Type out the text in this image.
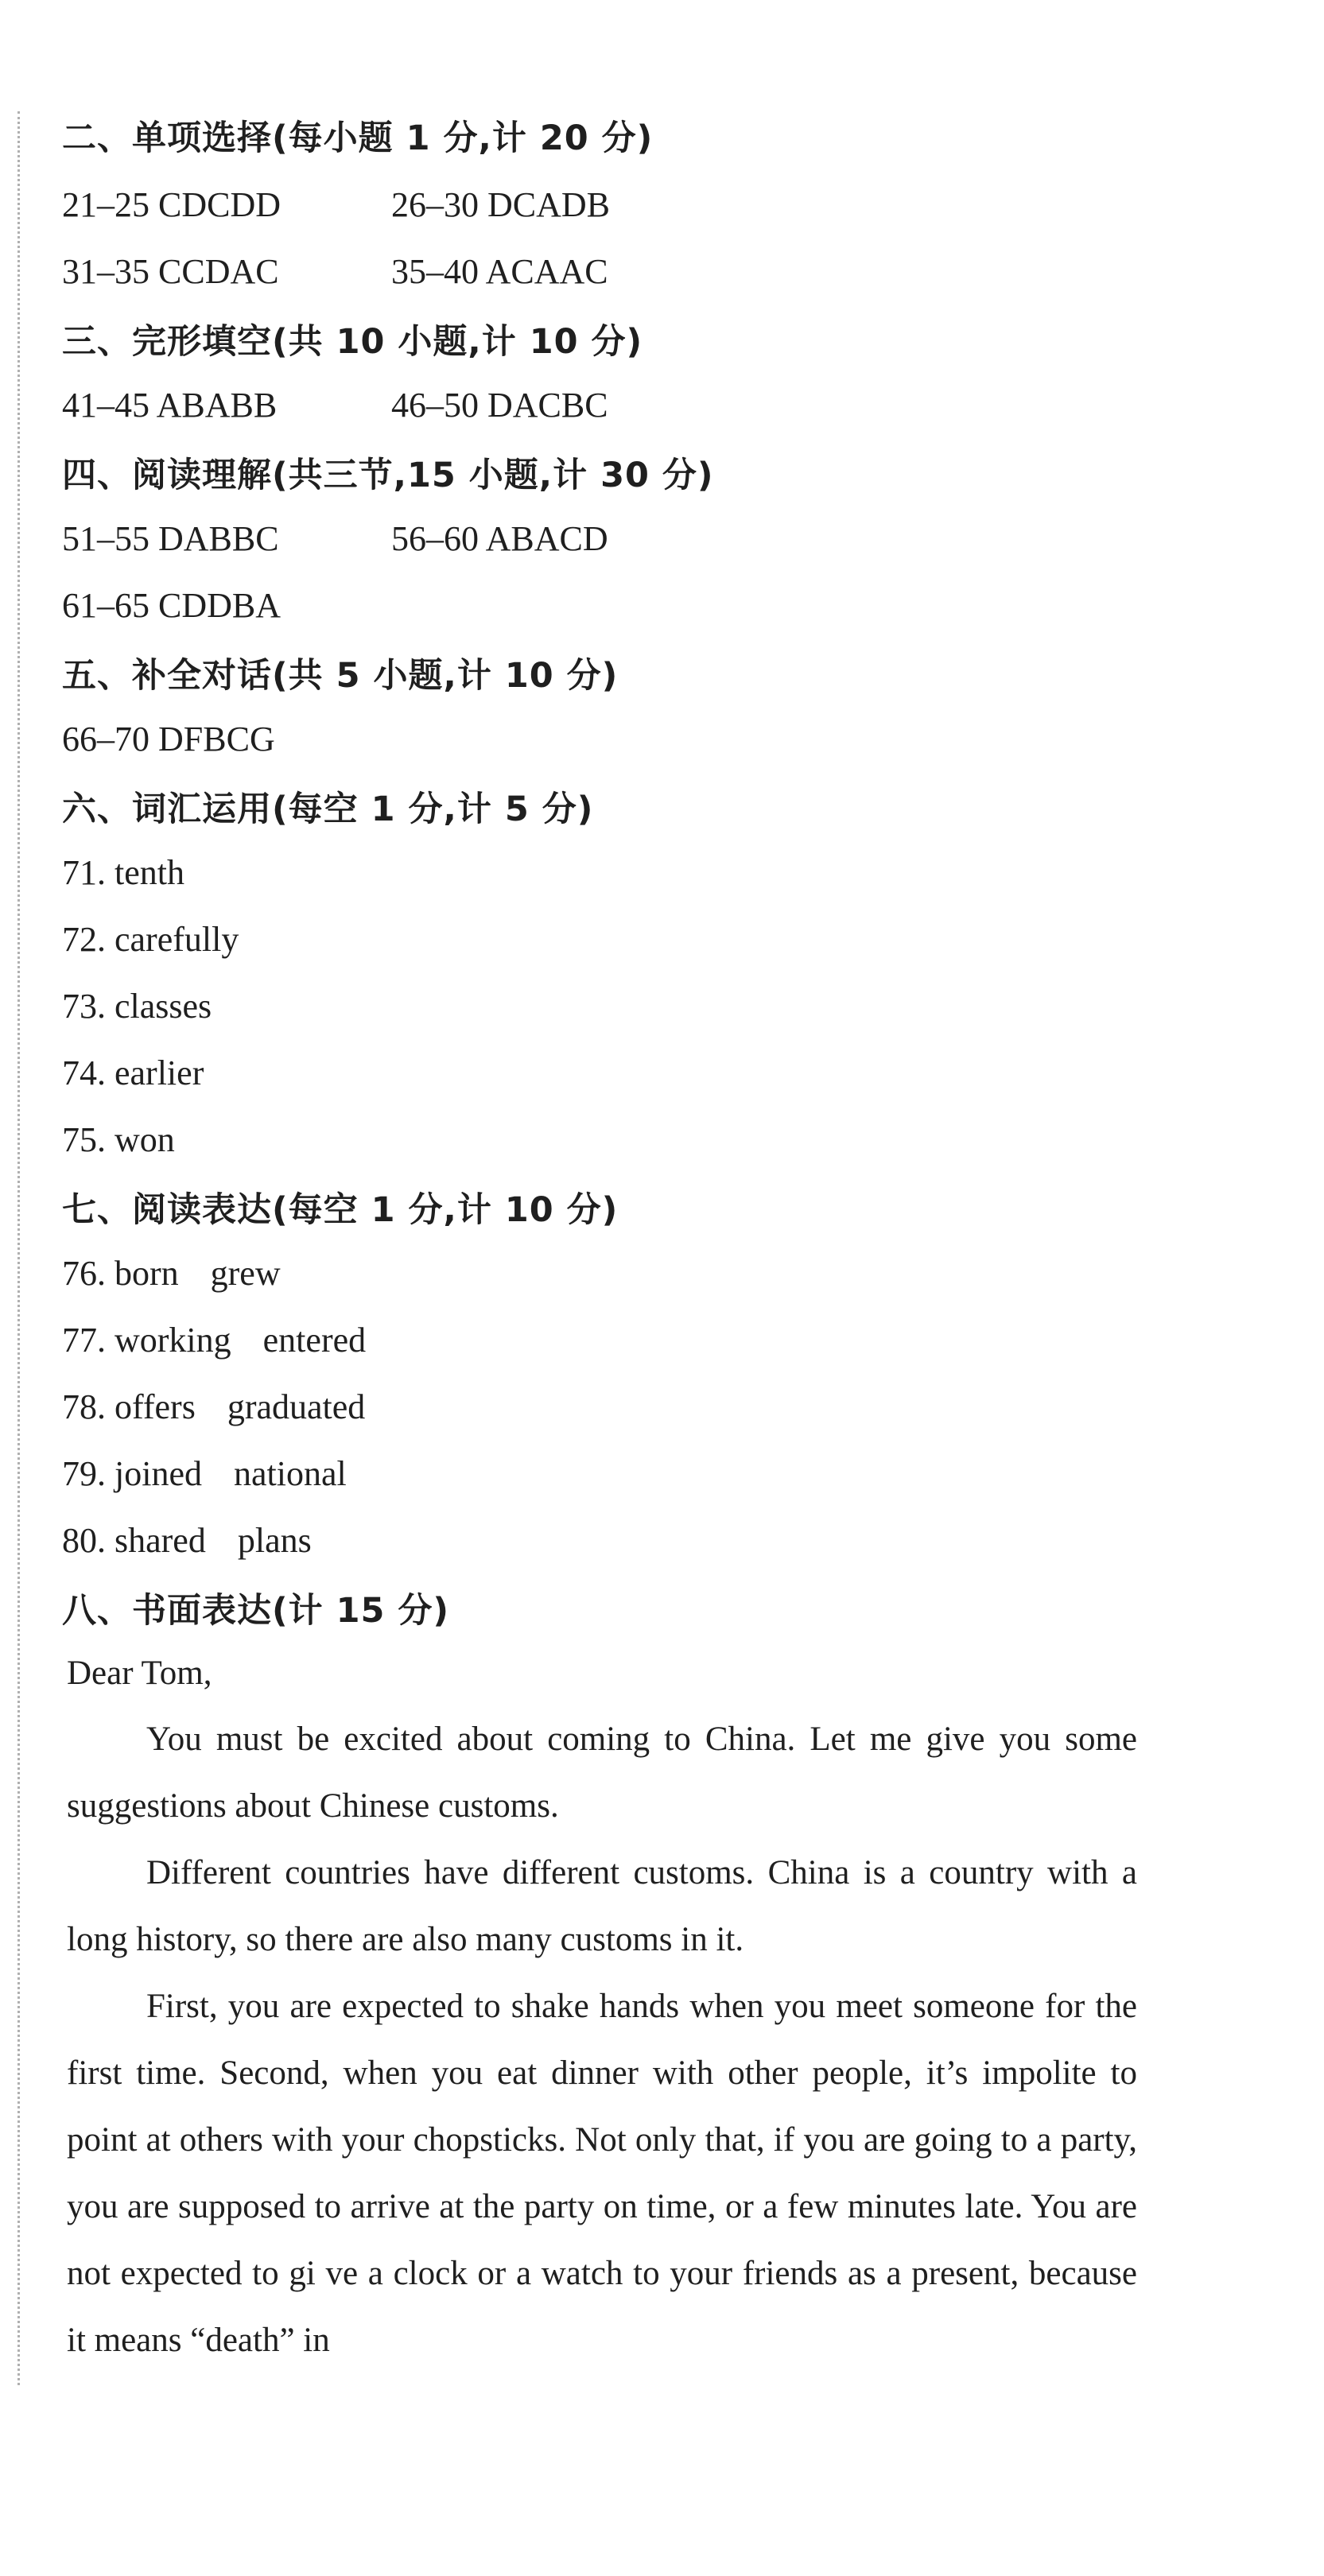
二、单项选择(每小题 1 分,计 20 分)
21–25 CDCDD	26–30 DCADB
31–35 CCDAC	35–40 ACAAC
三、完形填空(共 10 小题,计 10 分)
41–45 ABABB	46–50 DACBC
四、阅读理解(共三节,15 小题,计 30 分)
51–55 DABBC	56–60 ABACD
61–65 CDDBA
五、补全对话(共 5 小题,计 10 分)
66–70 DFBCG
六、词汇运用(每空 1 分,计 5 分)
71. tenth
72. carefully
73. classes
74. earlier
75. won
七、阅读表达(每空 1 分,计 10 分)
76. born grew
77. working entered
78. offers graduated
79. joined national
80. shared plans
八、书面表达(计 15 分)
Dear Tom,
You must be excited about coming to China. Let me give you some suggestions about Chinese customs.
Different countries have different customs. China is a country with a long history, so there are also many customs in it.
First, you are expected to shake hands when you meet someone for the first time. Second, when you eat dinner with other people, it’s impolite to point at others with your chopsticks. Not only that, if you are going to a party, you are supposed to arrive at the party on time, or a few minutes late. You are not expected to gi ve a clock or a watch to your friends as a present, because it means “death” in
